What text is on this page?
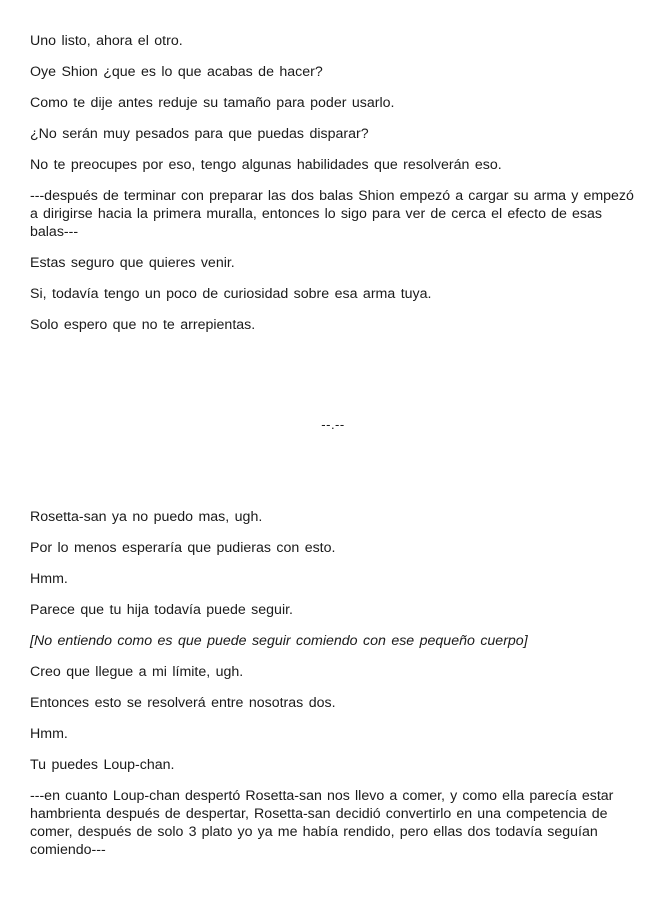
Uno listo, ahora el otro.

Oye Shion ¿que es lo que acabas de hacer?

Como te dije antes reduje su tamaño para poder usarlo.

¿No serán muy pesados para que puedas disparar?

No te preocupes por eso, tengo algunas habilidades que resolverán eso.

---después de terminar con preparar las dos balas Shion empezó a cargar su arma y empezó a dirigirse hacia la primera muralla, entonces lo sigo para ver de cerca el efecto de esas balas---

Estas seguro que quieres venir.

Si, todavía tengo un poco de curiosidad sobre esa arma tuya.

Solo espero que no te arrepientas.

--.--

Rosetta-san ya no puedo mas, ugh.

Por lo menos esperaría que pudieras con esto.

Hmm.

Parece que tu hija todavía puede seguir.

[No entiendo como es que puede seguir comiendo con ese pequeño cuerpo]

Creo que llegue a mi límite, ugh.

Entonces esto se resolverá entre nosotras dos.

Hmm.

Tu puedes Loup-chan.

---en cuanto Loup-chan despertó Rosetta-san nos llevo a comer, y como ella parecía estar hambrienta después de despertar, Rosetta-san decidió convertirlo en una competencia de comer, después de solo 3 plato yo ya me había rendido, pero ellas dos todavía seguían comiendo---
